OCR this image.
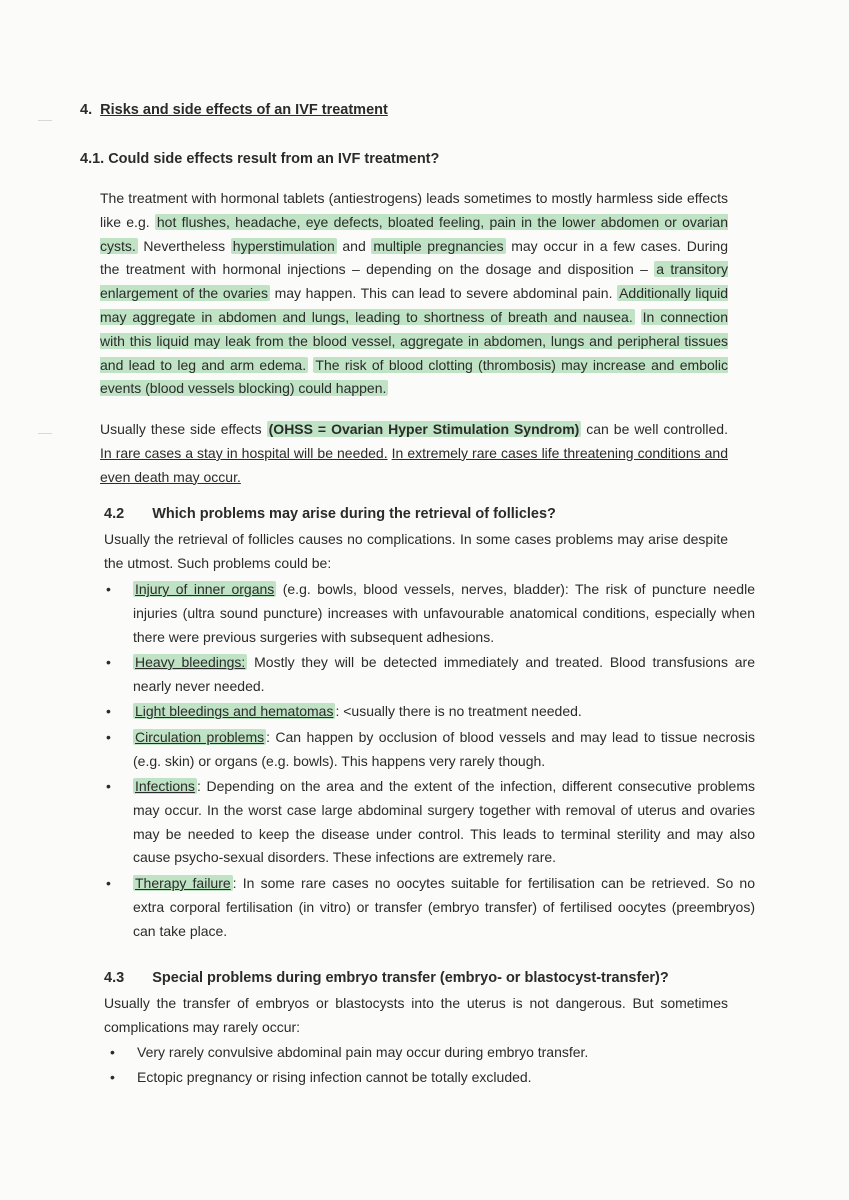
4. Risks and side effects of an IVF treatment
4.1. Could side effects result from an IVF treatment?

The treatment with hormonal tablets (antiestrogens) leads sometimes to mostly harmless side effects like e.g. hot flushes, headache, eye defects, bloated feeling, pain in the lower abdomen or ovarian cysts. Nevertheless hyperstimulation and multiple pregnancies may occur in a few cases. During the treatment with hormonal injections – depending on the dosage and disposition – a transitory enlargement of the ovaries may happen. This can lead to severe abdominal pain. Additionally liquid may aggregate in abdomen and lungs, leading to shortness of breath and nausea. In connection with this liquid may leak from the blood vessel, aggregate in abdomen, lungs and peripheral tissues and lead to leg and arm edema. The risk of blood clotting (thrombosis) may increase and embolic events (blood vessels blocking) could happen.

Usually these side effects (OHSS = Ovarian Hyper Stimulation Syndrom) can be well controlled. In rare cases a stay in hospital will be needed. In extremely rare cases life threatening conditions and even death may occur.

4.2 Which problems may arise during the retrieval of follicles?

Usually the retrieval of follicles causes no complications. In some cases problems may arise despite the utmost. Such problems could be:

• Injury of inner organs (e.g. bowls, blood vessels, nerves, bladder): The risk of puncture needle injuries (ultra sound puncture) increases with unfavourable anatomical conditions, especially when there were previous surgeries with subsequent adhesions.
• Heavy bleedings: Mostly they will be detected immediately and treated. Blood transfusions are nearly never needed.
• Light bleedings and hematomas : <usually there is no treatment needed.
• Circulation problems : Can happen by occlusion of blood vessels and may lead to tissue necrosis (e.g. skin) or organs (e.g. bowls). This happens very rarely though.
• Infections : Depending on the area and the extent of the infection, different consecutive problems may occur. In the worst case large abdominal surgery together with removal of uterus and ovaries may be needed to keep the disease under control. This leads to terminal sterility and may also cause psycho-sexual disorders. These infections are extremely rare.
• Therapy failure : In some rare cases no oocytes suitable for fertilisation can be retrieved. So no extra corporal fertilisation (in vitro) or transfer (embryo transfer) of fertilised oocytes (preembryos) can take place.
4.3 Special problems during embryo transfer (embryo- or blastocyst-transfer)?

Usually the transfer of embryos or blastocysts into the uterus is not dangerous. But sometimes complications may rarely occur:

• Very rarely convulsive abdominal pain may occur during embryo transfer.
• Ectopic pregnancy or rising infection cannot be totally excluded.
